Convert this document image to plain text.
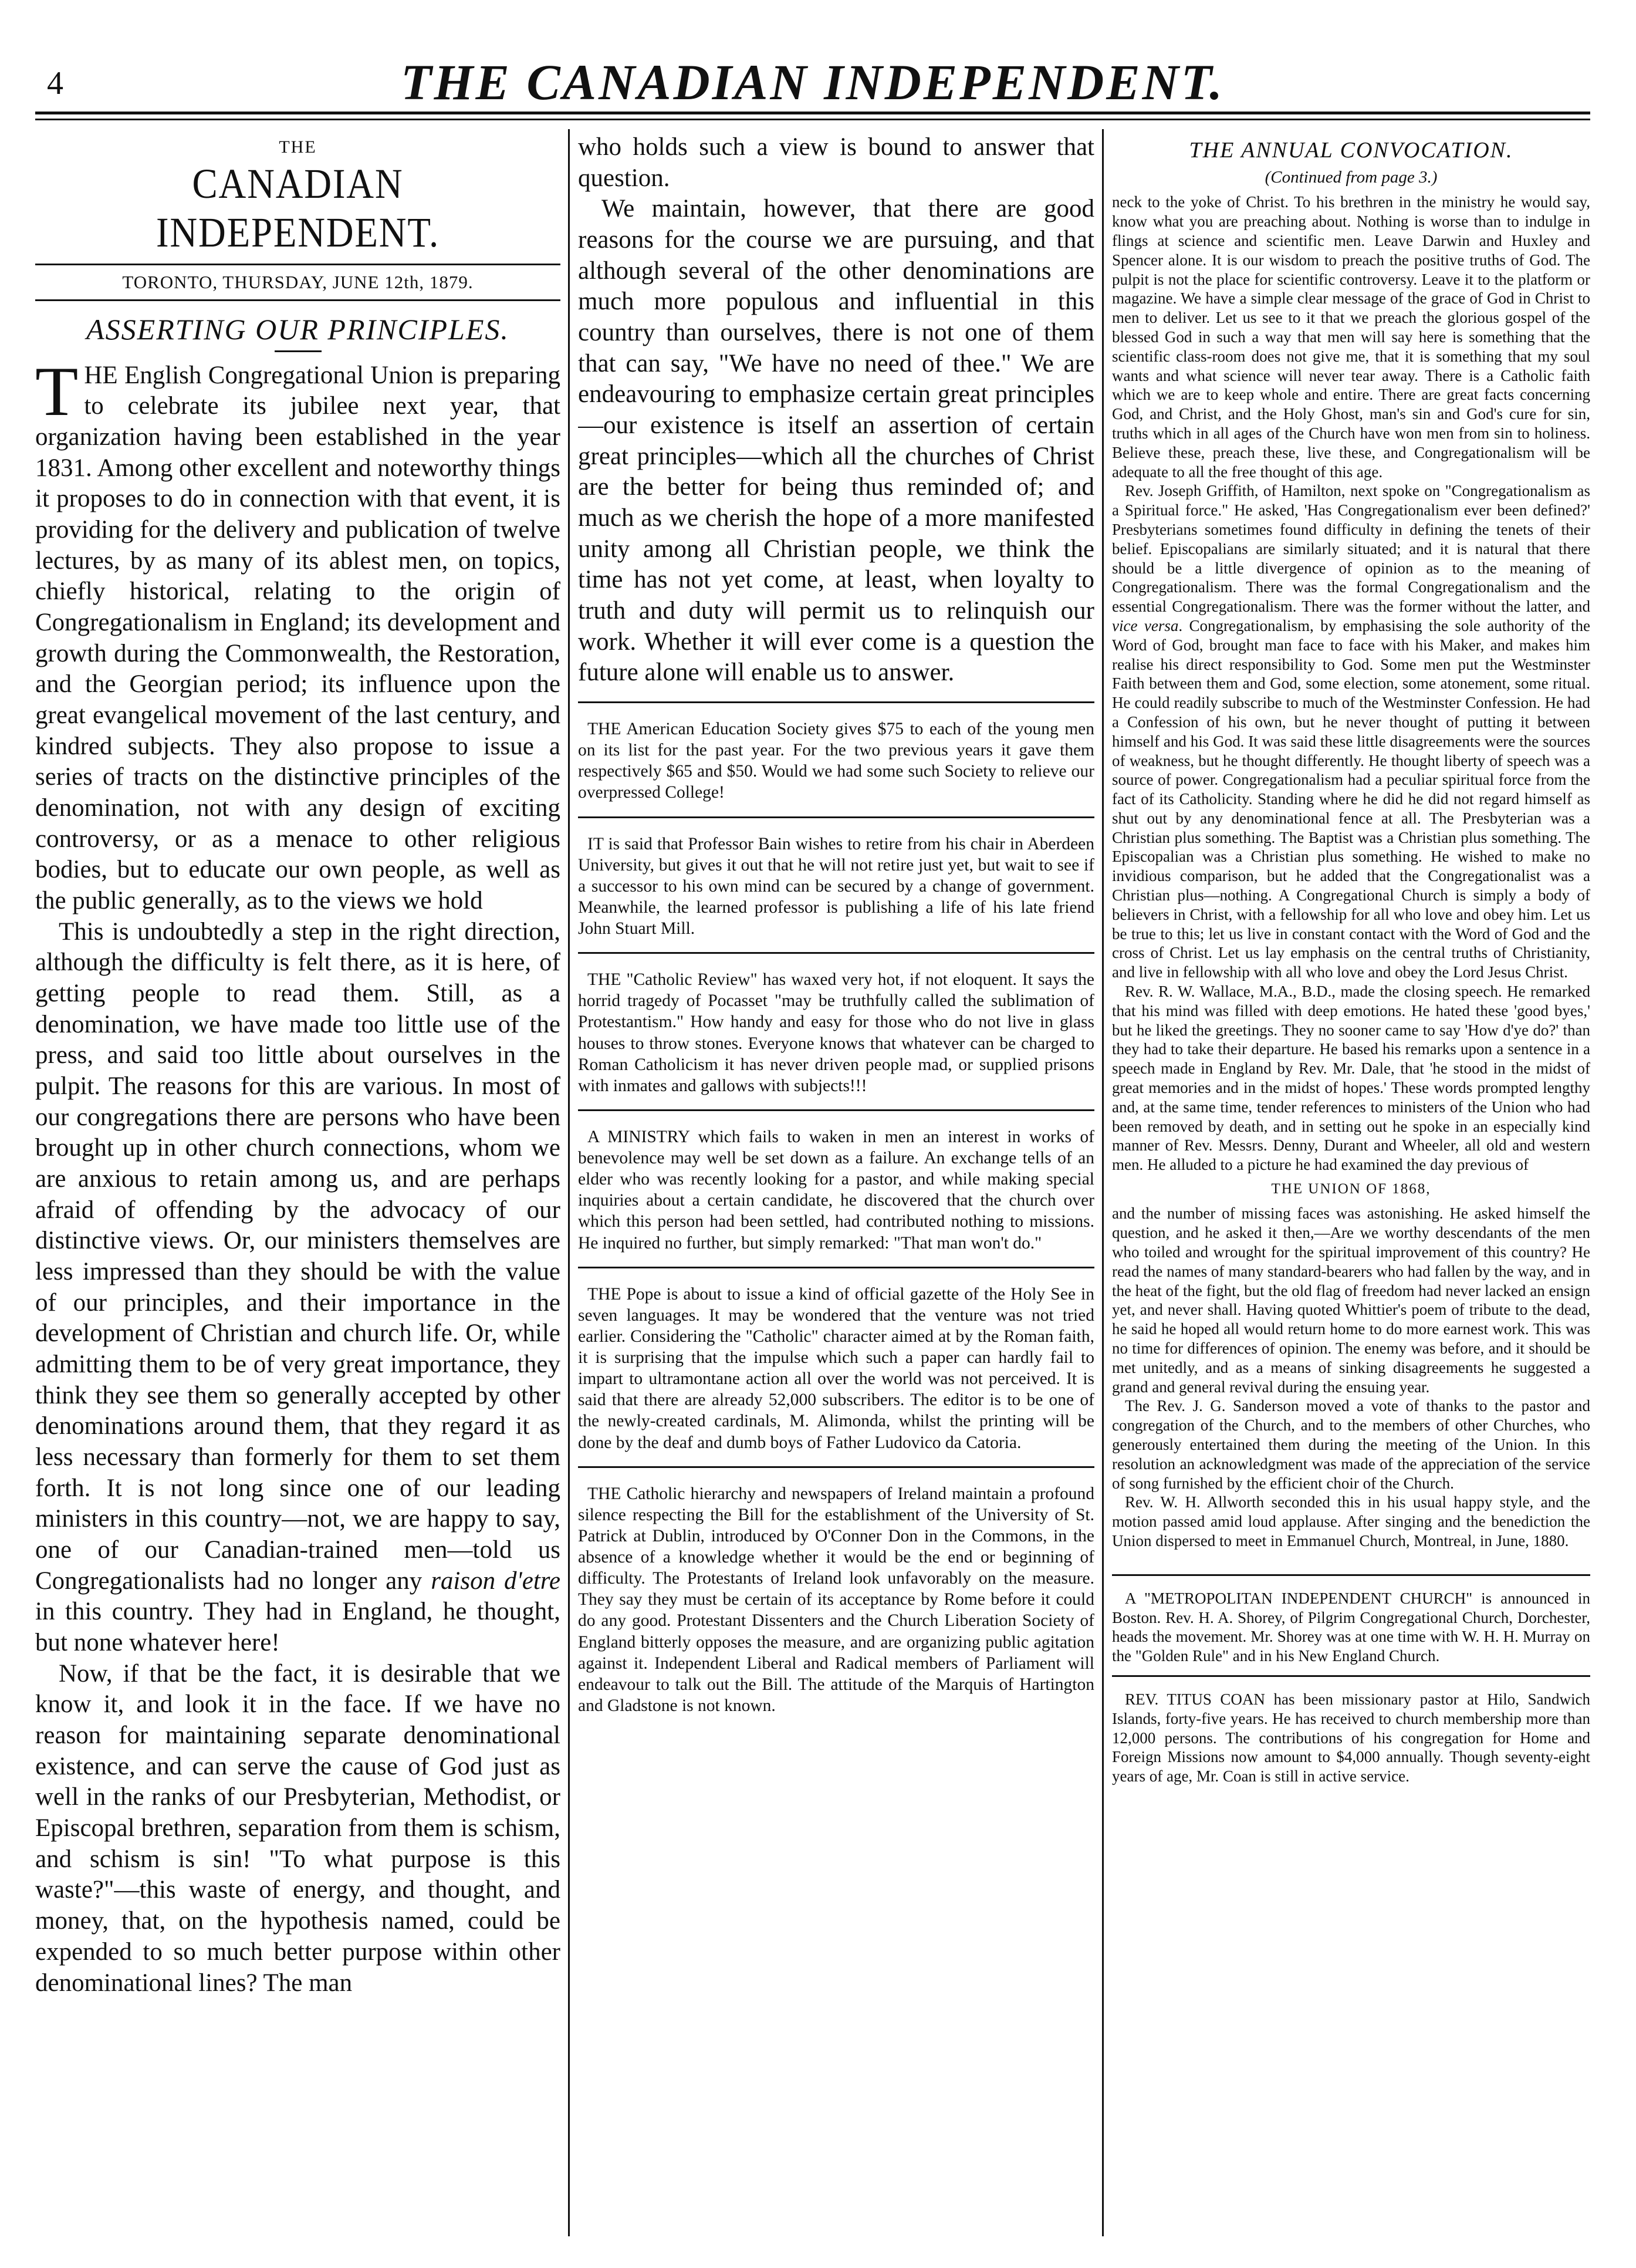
4	THE CANADIAN INDEPENDENT.
THE
CANADIAN INDEPENDENT.
TORONTO, THURSDAY, JUNE 12th, 1879.
ASSERTING OUR PRINCIPLES.

THE English Congregational Union is preparing to celebrate its jubilee next year, that organization having been established in the year 1831. Among other excellent and noteworthy things it proposes to do in connection with that event, it is providing for the delivery and publication of twelve lectures, by as many of its ablest men, on topics, chiefly historical, relating to the origin of Congregationalism in England; its development and growth during the Commonwealth, the Restoration, and the Georgian period; its influence upon the great evangelical movement of the last century, and kindred subjects. They also propose to issue a series of tracts on the distinctive principles of the denomination, not with any design of exciting controversy, or as a menace to other religious bodies, but to educate our own people, as well as the public generally, as to the views we hold

This is undoubtedly a step in the right direction, although the difficulty is felt there, as it is here, of getting people to read them. Still, as a denomination, we have made too little use of the press, and said too little about ourselves in the pulpit. The reasons for this are various. In most of our congregations there are persons who have been brought up in other church connections, whom we are anxious to retain among us, and are perhaps afraid of offending by the advocacy of our distinctive views. Or, our ministers themselves are less impressed than they should be with the value of our principles, and their importance in the development of Christian and church life. Or, while admitting them to be of very great importance, they think they see them so generally accepted by other denominations around them, that they regard it as less necessary than formerly for them to set them forth. It is not long since one of our leading ministers in this country—not, we are happy to say, one of our Canadian-trained men—told us Congregationalists had no longer any raison d'etre in this country. They had in England, he thought, but none whatever here!

Now, if that be the fact, it is desirable that we know it, and look it in the face. If we have no reason for maintaining separate denominational existence, and can serve the cause of God just as well in the ranks of our Presbyterian, Methodist, or Episcopal brethren, separation from them is schism, and schism is sin! "To what purpose is this waste?"—this waste of energy, and thought, and money, that, on the hypothesis named, could be expended to so much better purpose within other denominational lines? The man

who holds such a view is bound to answer that question.

We maintain, however, that there are good reasons for the course we are pursuing, and that although several of the other denominations are much more populous and influential in this country than ourselves, there is not one of them that can say, "We have no need of thee." We are endeavouring to emphasize certain great principles—our existence is itself an assertion of certain great principles—which all the churches of Christ are the better for being thus reminded of; and much as we cherish the hope of a more manifested unity among all Christian people, we think the time has not yet come, at least, when loyalty to truth and duty will permit us to relinquish our work. Whether it will ever come is a question the future alone will enable us to answer.

THE American Education Society gives $75 to each of the young men on its list for the past year. For the two previous years it gave them respectively $65 and $50. Would we had some such Society to relieve our overpressed College!

IT is said that Professor Bain wishes to retire from his chair in Aberdeen University, but gives it out that he will not retire just yet, but wait to see if a successor to his own mind can be secured by a change of government. Meanwhile, the learned professor is publishing a life of his late friend John Stuart Mill.

THE "Catholic Review" has waxed very hot, if not eloquent. It says the horrid tragedy of Pocasset "may be truthfully called the sublimation of Protestantism." How handy and easy for those who do not live in glass houses to throw stones. Everyone knows that whatever can be charged to Roman Catholicism it has never driven people mad, or supplied prisons with inmates and gallows with subjects!!!

A MINISTRY which fails to waken in men an interest in works of benevolence may well be set down as a failure. An exchange tells of an elder who was recently looking for a pastor, and while making special inquiries about a certain candidate, he discovered that the church over which this person had been settled, had contributed nothing to missions. He inquired no further, but simply remarked: "That man won't do."

THE Pope is about to issue a kind of official gazette of the Holy See in seven languages. It may be wondered that the venture was not tried earlier. Considering the "Catholic" character aimed at by the Roman faith, it is surprising that the impulse which such a paper can hardly fail to impart to ultramontane action all over the world was not perceived. It is said that there are already 52,000 subscribers. The editor is to be one of the newly-created cardinals, M. Alimonda, whilst the printing will be done by the deaf and dumb boys of Father Ludovico da Catoria.

THE Catholic hierarchy and newspapers of Ireland maintain a profound silence respecting the Bill for the establishment of the University of St. Patrick at Dublin, introduced by O'Conner Don in the Commons, in the absence of a knowledge whether it would be the end or beginning of difficulty. The Protestants of Ireland look unfavorably on the measure. They say they must be certain of its acceptance by Rome before it could do any good. Protestant Dissenters and the Church Liberation Society of England bitterly opposes the measure, and are organizing public agitation against it. Independent Liberal and Radical members of Parliament will endeavour to talk out the Bill. The attitude of the Marquis of Hartington and Gladstone is not known.

THE ANNUAL CONVOCATION.
(Continued from page 3.)

neck to the yoke of Christ. To his brethren in the ministry he would say, know what you are preaching about. Nothing is worse than to indulge in flings at science and scientific men. Leave Darwin and Huxley and Spencer alone. It is our wisdom to preach the positive truths of God. The pulpit is not the place for scientific controversy. Leave it to the platform or magazine. We have a simple clear message of the grace of God in Christ to men to deliver. Let us see to it that we preach the glorious gospel of the blessed God in such a way that men will say here is something that the scientific class-room does not give me, that it is something that my soul wants and what science will never tear away. There is a Catholic faith which we are to keep whole and entire. There are great facts concerning God, and Christ, and the Holy Ghost, man's sin and God's cure for sin, truths which in all ages of the Church have won men from sin to holiness. Believe these, preach these, live these, and Congregationalism will be adequate to all the free thought of this age.

Rev. Joseph Griffith, of Hamilton, next spoke on "Congregationalism as a Spiritual force." He asked, 'Has Congregationalism ever been defined?' Presbyterians sometimes found difficulty in defining the tenets of their belief. Episcopalians are similarly situated; and it is natural that there should be a little divergence of opinion as to the meaning of Congregationalism. There was the formal Congregationalism and the essential Congregationalism. There was the former without the latter, and vice versa. Congregationalism, by emphasising the sole authority of the Word of God, brought man face to face with his Maker, and makes him realise his direct responsibility to God. Some men put the Westminster Faith between them and God, some election, some atonement, some ritual. He could readily subscribe to much of the Westminster Confession. He had a Confession of his own, but he never thought of putting it between himself and his God. It was said these little disagreements were the sources of weakness, but he thought differently. He thought liberty of speech was a source of power. Congregationalism had a peculiar spiritual force from the fact of its Catholicity. Standing where he did he did not regard himself as shut out by any denominational fence at all. The Presbyterian was a Christian plus something. The Baptist was a Christian plus something. The Episcopalian was a Christian plus something. He wished to make no invidious comparison, but he added that the Congregationalist was a Christian plus—nothing. A Congregational Church is simply a body of believers in Christ, with a fellowship for all who love and obey him. Let us be true to this; let us live in constant contact with the Word of God and the cross of Christ. Let us lay emphasis on the central truths of Christianity, and live in fellowship with all who love and obey the Lord Jesus Christ.

Rev. R. W. Wallace, M.A., B.D., made the closing speech. He remarked that his mind was filled with deep emotions. He hated these 'good byes,' but he liked the greetings. They no sooner came to say 'How d'ye do?' than they had to take their departure. He based his remarks upon a sentence in a speech made in England by Rev. Mr. Dale, that 'he stood in the midst of great memories and in the midst of hopes.' These words prompted lengthy and, at the same time, tender references to ministers of the Union who had been removed by death, and in setting out he spoke in an especially kind manner of Rev. Messrs. Denny, Durant and Wheeler, all old and western men. He alluded to a picture he had examined the day previous of

THE UNION OF 1868,

and the number of missing faces was astonishing. He asked himself the question, and he asked it then,—Are we worthy descendants of the men who toiled and wrought for the spiritual improvement of this country? He read the names of many standard-bearers who had fallen by the way, and in the heat of the fight, but the old flag of freedom had never lacked an ensign yet, and never shall. Having quoted Whittier's poem of tribute to the dead, he said he hoped all would return home to do more earnest work. This was no time for differences of opinion. The enemy was before, and it should be met unitedly, and as a means of sinking disagreements he suggested a grand and general revival during the ensuing year.

The Rev. J. G. Sanderson moved a vote of thanks to the pastor and congregation of the Church, and to the members of other Churches, who generously entertained them during the meeting of the Union. In this resolution an acknowledgment was made of the appreciation of the service of song furnished by the efficient choir of the Church.

Rev. W. H. Allworth seconded this in his usual happy style, and the motion passed amid loud applause. After singing and the benediction the Union dispersed to meet in Emmanuel Church, Montreal, in June, 1880.

A "METROPOLITAN INDEPENDENT CHURCH" is announced in Boston. Rev. H. A. Shorey, of Pilgrim Congregational Church, Dorchester, heads the movement. Mr. Shorey was at one time with W. H. H. Murray on the "Golden Rule" and in his New England Church.

REV. TITUS COAN has been missionary pastor at Hilo, Sandwich Islands, forty-five years. He has received to church membership more than 12,000 persons. The contributions of his congregation for Home and Foreign Missions now amount to $4,000 annually. Though seventy-eight years of age, Mr. Coan is still in active service.
